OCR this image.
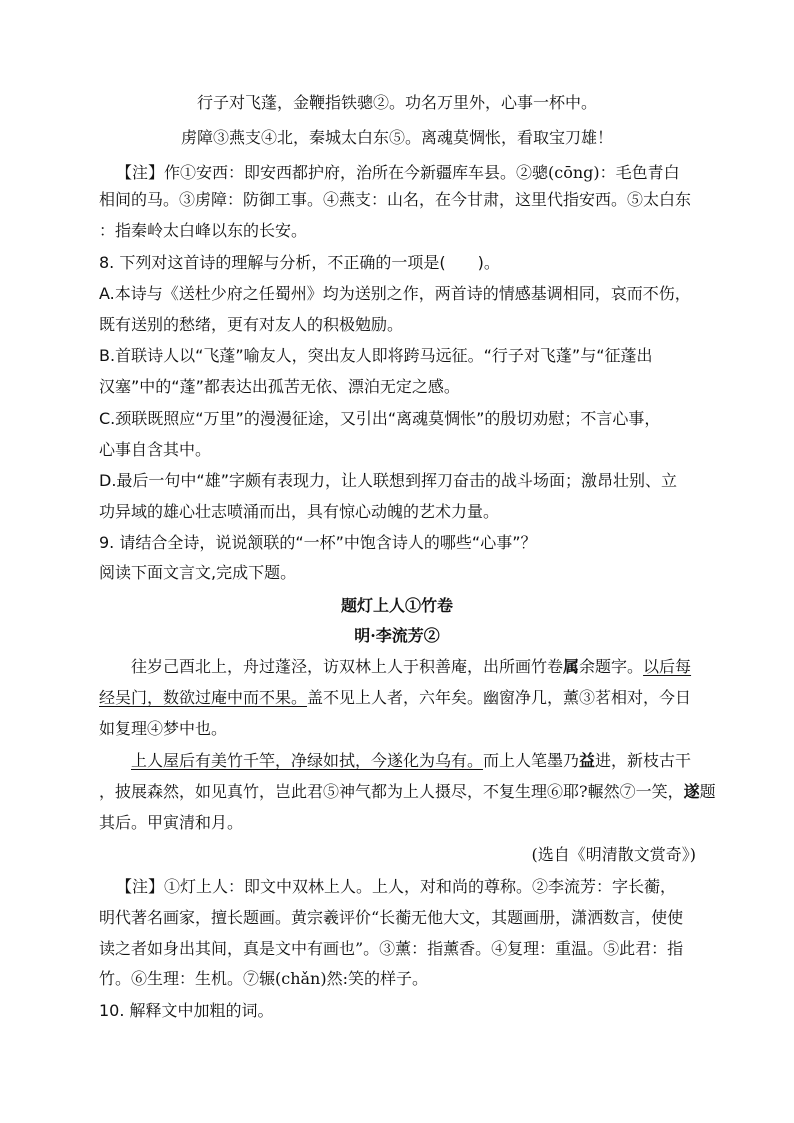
行子对飞蓬，金鞭指铁骢②。功名万里外，心事一杯中。
虏障③燕支④北，秦城太白东⑤。离魂莫惆怅，看取宝刀雄！
【注】作①安西：即安西都护府，治所在今新疆库车县。②骢(cōng)：毛色青白
相间的马。③虏障：防御工事。④燕支：山名，在今甘肃，这里代指安西。⑤太白东
：指秦岭太白峰以东的长安。
8. 下列对这首诗的理解与分析，不正确的一项是(　　)。
A.本诗与《送杜少府之任蜀州》均为送别之作，两首诗的情感基调相同，哀而不伤，
既有送别的愁绪，更有对友人的积极勉励。
B.首联诗人以“飞蓬”喻友人，突出友人即将跨马远征。“行子对飞蓬”与“征蓬出
汉塞”中的“蓬”都表达出孤苦无依、漂泊无定之感。
C.颈联既照应“万里”的漫漫征途，又引出“离魂莫惆怅”的殷切劝慰；不言心事，
心事自含其中。
D.最后一句中“雄”字颇有表现力，让人联想到挥刀奋击的战斗场面；激昂壮别、立
功异域的雄心壮志喷涌而出，具有惊心动魄的艺术力量。
9. 请结合全诗，说说颔联的“一杯”中饱含诗人的哪些“心事”？
阅读下面文言文,完成下题。
题灯上人①竹卷
明·李流芳②
往岁己酉北上，舟过蓬泾，访双林上人于积善庵，出所画竹卷属余题字。以后每
经吴门，数欲过庵中而不果。盖不见上人者，六年矣。幽窗净几，薰③茗相对，今日
如复理④梦中也。
上人屋后有美竹千竿，净绿如拭，今遂化为乌有。而上人笔墨乃益进，新枝古干
，披展森然，如见真竹，岂此君⑤神气都为上人摄尽，不复生理⑥耶?輾然⑦一笑，遂题
其后。甲寅清和月。
(选自《明清散文赏奇》)
【注】①灯上人：即文中双林上人。上人，对和尚的尊称。②李流芳：字长蘅，
明代著名画家，擅长题画。黄宗羲评价“长蘅无他大文，其题画册，潇洒数言，使使
读之者如身出其间，真是文中有画也”。③薰：指薰香。④复理：重温。⑤此君：指
竹。⑥生理：生机。⑦辗(chǎn)然:笑的样子。
10. 解释文中加粗的词。
